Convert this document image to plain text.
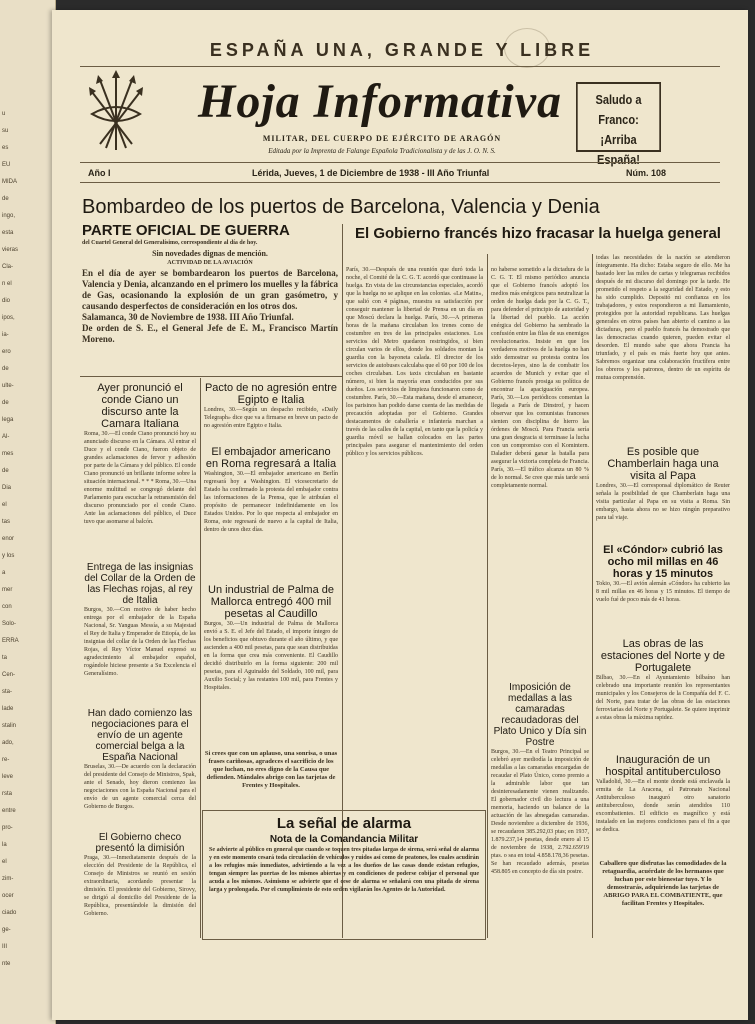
u
su
es
EU
MIDA
de
ingo,
esta
vieras
Cla-
n el
dio
ipos,
ia-
ero
de
ulte-
de
lega
Al-
mes
de
Dia
el
tas
enor
y los
a
mer
con
Solo-
ERRA
ta
Cen-
sta-
lade
stalin
ado,
re-
leve
rsta
entre
pro-
la
el
zim-
ocer
ciado
ge-
III
nte
ESPAÑA UNA, GRANDE Y LIBRE
Hoja Informativa
MILITAR, DEL CUERPO DE EJÉRCITO DE ARAGÓN
Editada por la Imprenta de Falange Española Tradicionalista y de las J. O. N. S.
Saludo a Franco:
¡Arriba España!
Año I	Lérida, Jueves, 1 de Diciembre de 1938 - III Año Triunfal	Núm. 108
Bombardeo de los puertos de Barcelona, Valencia y Denia
PARTE OFICIAL DE GUERRA
del Cuartel General del Generalísimo, correspondiente al día de hoy.
Sin novedades dignas de mención.
ACTIVIDAD DE LA AVIACIÓN
En el día de ayer se bombardearon los puertos de Barcelona, Valencia y Denia, alcanzando en el primero los muelles y la fábrica de Gas, ocasionando la explosión de un gran gasómetro, y causando desperfectos de consideración en los otros dos.
Salamanca, 30 de Noviembre de 1938. III Año Triunfal.
De orden de S. E., el General Jefe de E. M., Francisco Martín Moreno.
Ayer pronunció el conde Ciano un discurso ante la Camara Italiana
Roma, 30.—El conde Ciano pronunció hoy su anunciado discurso en la Cámara. Al entrar el Duce y el conde Ciano, fueron objeto de grandes aclamaciones de fervor y adhesión por parte de la Cámara y del público. El conde Ciano pronunció un brillante informe sobre la situación internacional. * * * Roma, 30.—Una enorme multitud se congregó delante del Parlamento para escuchar la retransmisión del discurso pronunciado por el conde Ciano. Ante las aclamaciones del público, el Duce tuvo que asomarse al balcón.
Entrega de las insignias del Collar de la Orden de las Flechas rojas, al rey de Italia
Burgos, 30.—Con motivo de haber hecho entrega por el embajador de la España Nacional, Sr. Yanguas Messía, a su Majestad el Rey de Italia y Emperador de Etiopía, de las insignias del collar de la Orden de las Flechas Rojas, el Rey Víctor Manuel expresó su agradecimiento al embajador español, rogándole hiciese presente a Su Excelencia el Generalísimo.
Han dado comienzo las negociaciones para el envío de un agente comercial belga a la España Nacional
Bruselas, 30.—De acuerdo con la declaración del presidente del Consejo de Ministros, Spak, ante el Senado, hoy dieron comienzo las negociaciones con la España Nacional para el envío de un agente comercial cerca del Gobierno de Burgos.
El Gobierno checo presentó la dimisión
Praga, 30.—Inmediatamente después de la elección del Presidente de la República, el Consejo de Ministros se reunió en sesión extraordinaria, acordando presentar la dimisión. El presidente del Gobierno, Sirovy, se dirigió al domicilio del Presidente de la República, presentándole la dimisión del Gobierno.
Pacto de no agresión entre Egipto e Italia
Londres, 30.—Según un despacho recibido, «Daily Telegraph» dice que va a firmarse en breve un pacto de no agresión entre Egipto e Italia.
El embajador americano en Roma regresará a Italia
Washington, 30.—El embajador americano en Berlín regresará hoy a Washington. El vicesecretario de Estado ha confirmado la protesta del embajador contra las informaciones de la Prensa, que le atribuían el propósito de permanecer indefinidamente en los Estados Unidos. Por lo que respecta al embajador en Roma, este regresará de nuevo a la capital de Italia, dentro de unos diez días.
Un industrial de Palma de Mallorca entregó 400 mil pesetas al Caudillo
Burgos, 30.—Un industrial de Palma de Mallorca envió a S. E. el Jefe del Estado, el importe íntegro de los beneficios que obtuvo durante el año último, y que ascienden a 400 mil pesetas, para que sean distribuidas en la forma que crea más conveniente. El Caudillo decidió distribuirlo en la forma siguiente: 200 mil pesetas, para el Aguinaldo del Soldado, 100 mil, para Auxilio Social; y las restantes 100 mil, para Frentes y Hospitales.
Si crees que con un aplauso, una sonrisa, o unas frases cariñosas, agradeces el sacrificio de los que luchan, no eres digno de la Causa que defienden. Mándales abrigo con las tarjetas de Frentes y Hospitales.
La señal de alarma
Nota de la Comandancia Militar
Se advierte al público en general que cuando se toquen tres pitadas largas de sirena, será señal de alarma y en este momento cesará toda circulación de vehículos y ruidos así como de peatones, los cuales acudirán a los refugios más inmediatos, advirtiendo a la vez a los dueños de las casas donde existan refugios, tengan siempre las puertas de los mismos abiertas y en condiciones de poderse cobijar el personal que acuda a los mismos. Asimismo se advierte que el cese de alarma se señalará con una pitada de sirena larga y prolongada. Por el cumplimiento de esto orden vigilarán los Agentes de la Autoridad.
El Gobierno francés hizo fracasar la huelga general
París, 30.—Después de una reunión que duró toda la noche, el Comité de la C. G. T. acordó que continuase la huelga. En vista de las circunstancias especiales, acordó que la huelga no se aplique en las colonias. «Le Matin», que salió con 4 páginas, muestra su satisfacción por conseguir mantener la libertad de Prensa en un día en que Moscú declara la huelga. París, 30.—A primeras horas de la mañana circulaban los trenes como de costumbre en tres de las principales estaciones. Los servicios del Metro quedaron restringidos, si bien circulan varios de ellos, donde los soldados montan la guardia con la bayoneta calada. El director de los servicios de autobuses calculaba que el 60 por 100 de los coches circulaban. Los taxis circulaban en bastante número, si bien la mayoría eran conducidos por sus dueños. Los servicios de limpieza funcionaron como de costumbre. París, 30.—Esta mañana, desde el amanecer, los parisinos han podido darse cuenta de las medidas de precaución adoptadas por el Gobierno. Grandes destacamentos de caballería e infantería marchan a través de las calles de la capital, en tanto que la policía y guardia móvil se hallan colocados en las partes principales para asegurar el mantenimiento del orden público y los servicios públicos.
no haberse sometido a la dictadura de la C. G. T. El mismo periódico anuncia que el Gobierno francés adoptó los medios más enérgicos para neutralizar la orden de huelga dada por la C. G. T., para defender el principio de autoridad y la libertad del pueblo. La acción enérgica del Gobierno ha sembrado la confusión entre las filas de sus enemigos revolucionarios. Insiste en que los verdaderos motivos de la huelga no han sido demostrar su protesta contra los decretos-leyes, sino la de combatir los acuerdos de Munich y evitar que el Gobierno francés prosiga su política de encontrar la apaciguación europea. París, 30.—Los periódicos comentan la llegada a París de Dinstrof, y hacen observar que los comunistas franceses sienten con disciplina de hierro las órdenes de Moscú. Para Francia sería una gran desgracia si terminase la lucha con un compromiso con el Komintern. Daladier deberá ganar la batalla para asegurar la victoria completa de Francia. París, 30.—El tráfico alcanza un 80 % de lo normal. Se cree que más tarde será completamente normal.
Imposición de medallas a las camaradas recaudadoras del Plato Unico y Día sin Postre
Burgos, 30.—En el Teatro Principal se celebró ayer mediodía la imposición de medallas a las camaradas encargadas de recaudar el Plato Único, como premio a la admirable labor que tan desinteresadamente vienen realizando. El gobernador civil dio lectura a una memoria, haciendo un balance de la actuación de las abnegadas camaradas. Desde noviembre a diciembre de 1936, se recaudaron 385.292,03 ptas; en 1937, 1.879.237,14 pesetas, desde enero al 15 de noviembre de 1938, 2.792.659'19 ptas. o sea en total 4.858.178,36 pesetas. Se han recaudado además, pesetas 458.805 en concepto de día sin postre.
todas las necesidades de la nación se atendieron íntegramente. Ha dicho: Estaba seguro de ello. Me ha bastado leer las miles de cartas y telegramas recibidos después de mi discurso del domingo por la tarde. He prometido el respeto a la seguridad del Estado, y esto ha sido cumplido. Depositó mi confianza en los trabajadores, y estos respondieron a mi llamamiento, protegidos por la autoridad republicana. Las huelgas generales en otros países han abierto el camino a las dictaduras, pero el pueblo francés ha demostrado que las democracias cuando quieren, pueden evitar el desorden. El mundo sabe que ahora Francia ha triunfado, y el país es más fuerte hoy que antes. Sabremos organizar una colaboración fructífera entre los obreros y los patronos, dentro de un espíritu de mutua comprensión.
Es posible que Chamberlain haga una visita al Papa
Londres, 30.—El corresponsal diplomático de Reuter señala la posibilidad de que Chamberlain haga una visita particular al Papa en su visita a Roma. Sin embargo, hasta ahora no se hizo ningún preparativo para tal viaje.
El «Cóndor» cubrió las ocho mil millas en 46 horas y 15 minutos
Tokio, 30.—El avión alemán «Cóndor» ha cubierto las 8 mil millas en 46 horas y 15 minutos. El tiempo de vuelo fué de poco más de 41 horas.
Las obras de las estaciones del Norte y de Portugalete
Bilbao, 30.—En el Ayuntamiento bilbaíno han celebrado una importante reunión los representantes municipales y los Consejeros de la Compañía del F. C. del Norte, para tratar de las obras de las estaciones ferroviarias del Norte y Portugalete. Se quiere imprimir a estas obras la máxima rapidez.
Inauguración de un hospital antituberculoso
Valladolid, 30.—En el monte donde está enclavada la ermita de La Aracena, el Patronato Nacional Antituberculoso inauguró otro sanatorio antituberculoso, donde serán atendidos 110 excombatientes. El edificio es magnífico y está instalado en las mejores condiciones para el fin a que se dedica.
Caballero que disfrutas las comodidades de la retaguardia, acuérdate de los hermanos que luchan por este bienestar tuyo. Y lo demostrarás, adquiriendo las tarjetas de ABRIGO PARA EL COMBATIENTE, que facilitan Frentes y Hospitales.
